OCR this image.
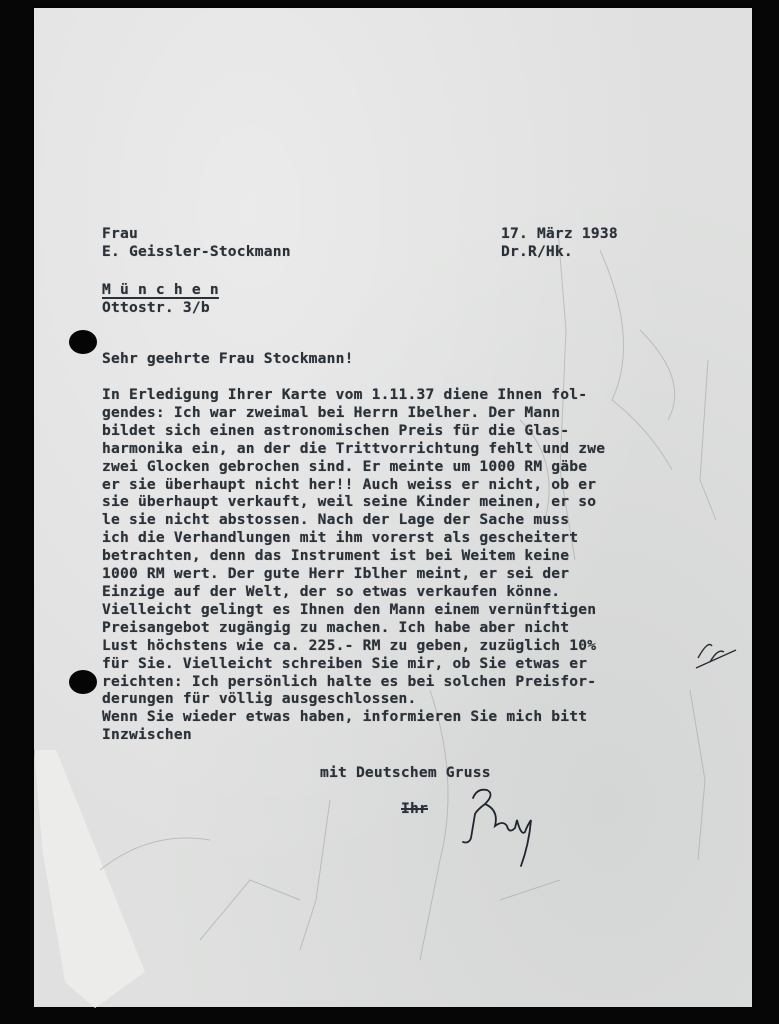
Frau
E. Geissler-Stockmann
17. März 1938
Dr.R/Hk.
M ü n c h e n
Ottostr. 3/b
Sehr geehrte Frau Stockmann!
In Erledigung Ihrer Karte vom 1.11.37 diene Ihnen fol-
gendes: Ich war zweimal bei Herrn Ibelher. Der Mann
bildet sich einen astronomischen Preis für die Glas-
harmonika ein, an der die Trittvorrichtung fehlt und zwe
zwei Glocken gebrochen sind. Er meinte um 1000 RM gäbe
er sie überhaupt nicht her!! Auch weiss er nicht, ob er
sie überhaupt verkauft, weil seine Kinder meinen, er so
le sie nicht abstossen. Nach der Lage der Sache muss
ich die Verhandlungen mit ihm vorerst als gescheitert
betrachten, denn das Instrument ist bei Weitem keine
1000 RM wert. Der gute Herr Iblher meint, er sei der
Einzige auf der Welt, der so etwas verkaufen könne.
Vielleicht gelingt es Ihnen den Mann einem vernünftigen
Preisangebot zugängig zu machen. Ich habe aber nicht
Lust höchstens wie ca. 225.- RM zu geben, zuzüglich 10%
für Sie. Vielleicht schreiben Sie mir, ob Sie etwas er
reichten: Ich persönlich halte es bei solchen Preisfor-
derungen für völlig ausgeschlossen.
Wenn Sie wieder etwas haben, informieren Sie mich bitt
Inzwischen
mit Deutschem Gruss
Ihr
